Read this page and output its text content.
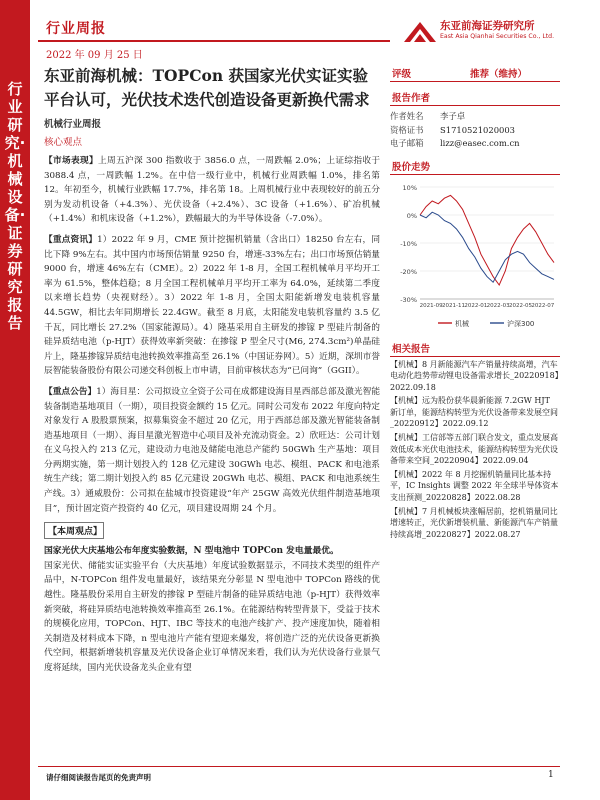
行业研究·机械设备·证券研究报告
行业周报
2022 年 09 月 25 日
东亚前海证券研究所
East Asia Qianhai Securities Co., Ltd.
东亚前海机械：TOPCon 获国家光伏实证实验平台认可，光伏技术迭代创造设备更新换代需求
机械行业周报
核心观点
【市场表现】上周五沪深 300 指数收于 3856.0 点，一周跌幅 2.0%；上证综指收于 3088.4 点，一周跌幅 1.2%。在中信一级行业中，机械行业周跌幅 1.0%，排名第 12。年初至今，机械行业跌幅 17.7%，排名第 18。上周机械行业中表现较好的前五分别为发动机设备（+4.3%）、光伏设备（+2.4%）、3C 设备（+1.6%）、矿冶机械（+1.4%）和机床设备（+1.2%），跌幅最大的为半导体设备（-7.0%）。
【重点资讯】1）2022 年 9 月，CME 预计挖掘机销量（含出口）18250 台左右，同比下降 9%左右。其中国内市场预估销量 9250 台，增速-33%左右；出口市场预估销量 9000 台，增速 46%左右（CME）。2）2022 年 1-8 月，全国工程机械单月平均开工率为 61.5%，整体趋稳；8 月全国工程机械单月平均开工率为 64.0%，延续第二季度以来增长趋势（央视财经）。3）2022 年 1-8 月，全国太阳能新增发电装机容量 44.5GW，相比去年同期增长 22.4GW。截至 8 月底，太阳能发电装机容量约 3.5 亿千瓦，同比增长 27.2%（国家能源局）。4）隆基采用自主研发的掺镓 P 型硅片制备的硅异质结电池（p-HJT）获得效率新突破：在掺镓 P 型全尺寸(M6, 274.3cm²)单晶硅片上，隆基掺镓异质结电池转换效率推高至 26.1%（中国证券网）。5）近期，深圳市誉辰智能装备股份有限公司递交科创板上市申请，目前审核状态为“已问询”（GGII）。
【重点公告】1）海目星：公司拟设立全资子公司在成都建设海目星西部总部及激光智能装备制造基地项目（一期），项目投资金额约 15 亿元。同时公司发布 2022 年度向特定对象发行 A 股股票预案，拟募集资金不超过 20 亿元，用于西部总部及激光智能装备制造基地项目（一期）、海目星激光智造中心项目及补充流动资金。2）欣旺达：公司计划在义乌投入约 213 亿元，建设动力电池及储能电池总产能约 50GWh 生产基地：项目分两期实施，第一期计划投入约 128 亿元建设 30GWh 电芯、模组、PACK 和电池系统生产线；第二期计划投入约 85 亿元建设 20GWh 电芯、模组、PACK 和电池系统生产线。3）通威股份：公司拟在盐城市投资建设“年产 25GW 高效光伏组件制造基地项目”，预计固定资产投资约 40 亿元，项目建设周期 24 个月。
【本周观点】
国家光伏大庆基地公布年度实验数据，N 型电池中 TOPCon 发电量最优。
国家光伏、储能实证实验平台（大庆基地）年度试验数据显示，不同技术类型的组件产品中，N-TOPCon 组件发电量最好，该结果充分彰显 N 型电池中 TOPCon 路线的优越性。隆基股份采用自主研发的掺镓 P 型硅片制备的硅异质结电池（p-HJT）获得效率新突破，将硅异质结电池转换效率推高至 26.1%。在能源结构转型背景下，受益于技术的规模化应用，TOPCon、HJT、IBC 等技术的电池产线扩产、投产速度加快，随着相关制造及材料成本下降，n 型电池片产能有望迎来爆发，将创造广泛的光伏设备更新换代空间，根据新增装机容量及光伏设备企业订单情况来看，我们认为光伏设备行业景气度将延续，国内光伏设备龙头企业有望
评级	推荐（维持）
报告作者
作者姓名	李子卓
资格证书	S1710521020003
电子邮箱	lizz@easec.com.cn
股价走势
10%
0%
-10%
-20%
-30%
2021-09 2021-11 2022-01 2022-03 2022-05 2022-07
机械	沪深300
相关报告
【机械】8 月新能源汽车产销量持续高增，汽车电动化趋势带动锂电设备需求增长_20220918】2022.09.18
【机械】远为股份获华晨新能源 7.2GW HJT 新订单，能源结构转型为光伏设备带来发展空间_20220912】2022.09.12
【机械】工信部等五部门联合发文，重点发展高效低成本光伏电池技术，能源结构转型为光伏设备带来空间_20220904】2022.09.04
【机械】2022 年 8 月挖掘机销量同比基本持平，IC Insights 调整 2022 年全球半导体资本支出预测_20220828】2022.08.28
【机械】7 月机械板块涨幅居前，挖机销量同比增速转正，光伏新增装机量、新能源汽车产销量持续高增_20220827】2022.08.27
请仔细阅读报告尾页的免责声明	1
